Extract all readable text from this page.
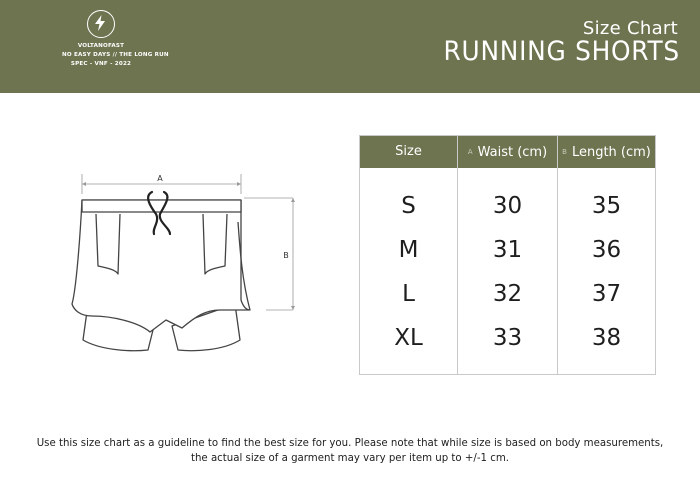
VOLTANOFAST
NO EASY DAYS // THE LONG RUN
SPEC - VNF - 2022
Size Chart
RUNNING SHORTS
A
B
Size	A Waist (cm)	B Length (cm)
S
M
L
XL
30
31
32
33
35
36
37
38
Use this size chart as a guideline to find the best size for you. Please note that while size is based on body measurements,
the actual size of a garment may vary per item up to +/-1 cm.
